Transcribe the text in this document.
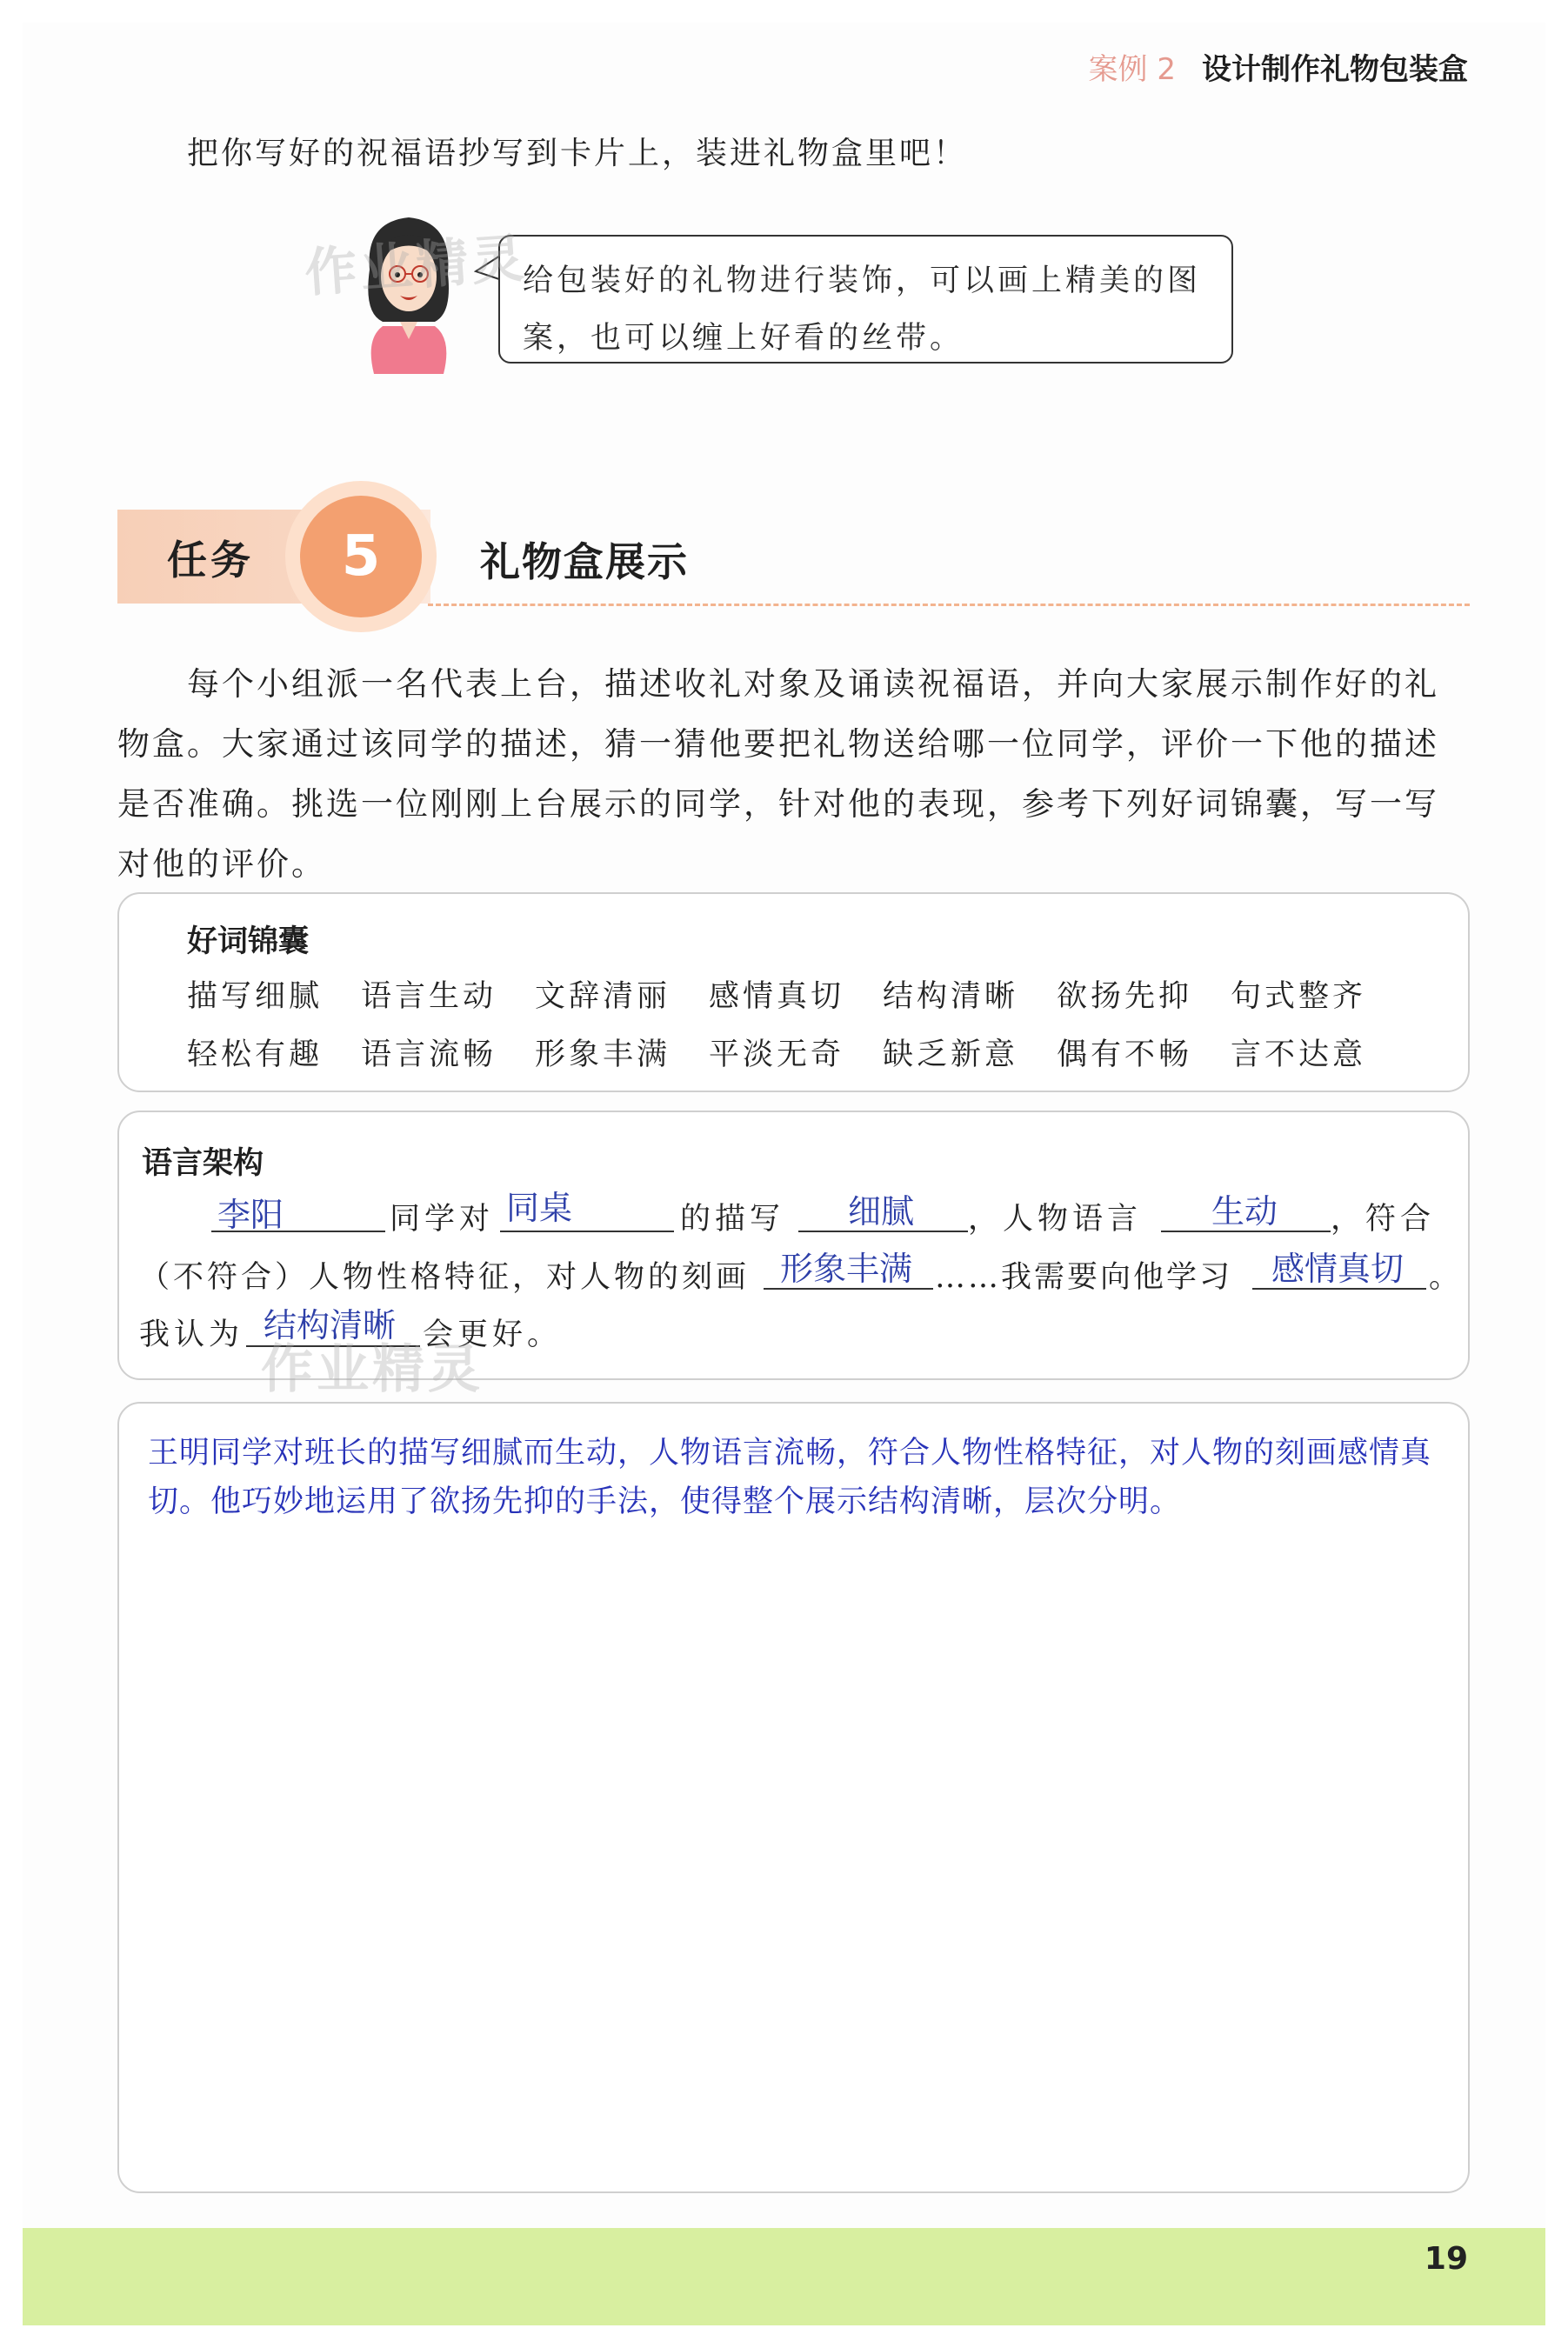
案例 2 设计制作礼物包装盒
把你写好的祝福语抄写到卡片上，装进礼物盒里吧！
给包装好的礼物进行装饰，可以画上精美的图
案，也可以缠上好看的丝带。
作业精灵
任务	5	礼物盒展示
每个小组派一名代表上台，描述收礼对象及诵读祝福语，并向大家展示制作好的礼物盒。大家通过该同学的描述，猜一猜他要把礼物送给哪一位同学，评价一下他的描述是否准确。挑选一位刚刚上台展示的同学，针对他的表现，参考下列好词锦囊，写一写对他的评价。
好词锦囊
描写细腻 语言生动 文辞清丽 感情真切 结构清晰 欲扬先抑 句式整齐
轻松有趣 语言流畅 形象丰满 平淡无奇 缺乏新意 偶有不畅 言不达意
语言架构
李阳	同学对 同桌	的描写 细腻 ，人物语言 生动 ，符合
（不符合）人物性格特征，对人物的刻画 形象丰满 ……我需要向他学习 感情真切 。
我认为 结构清晰 会更好。
作业精灵
王明同学对班长的描写细腻而生动，人物语言流畅，符合人物性格特征，对人物的刻画感情真切。他巧妙地运用了欲扬先抑的手法，使得整个展示结构清晰，层次分明。
19
